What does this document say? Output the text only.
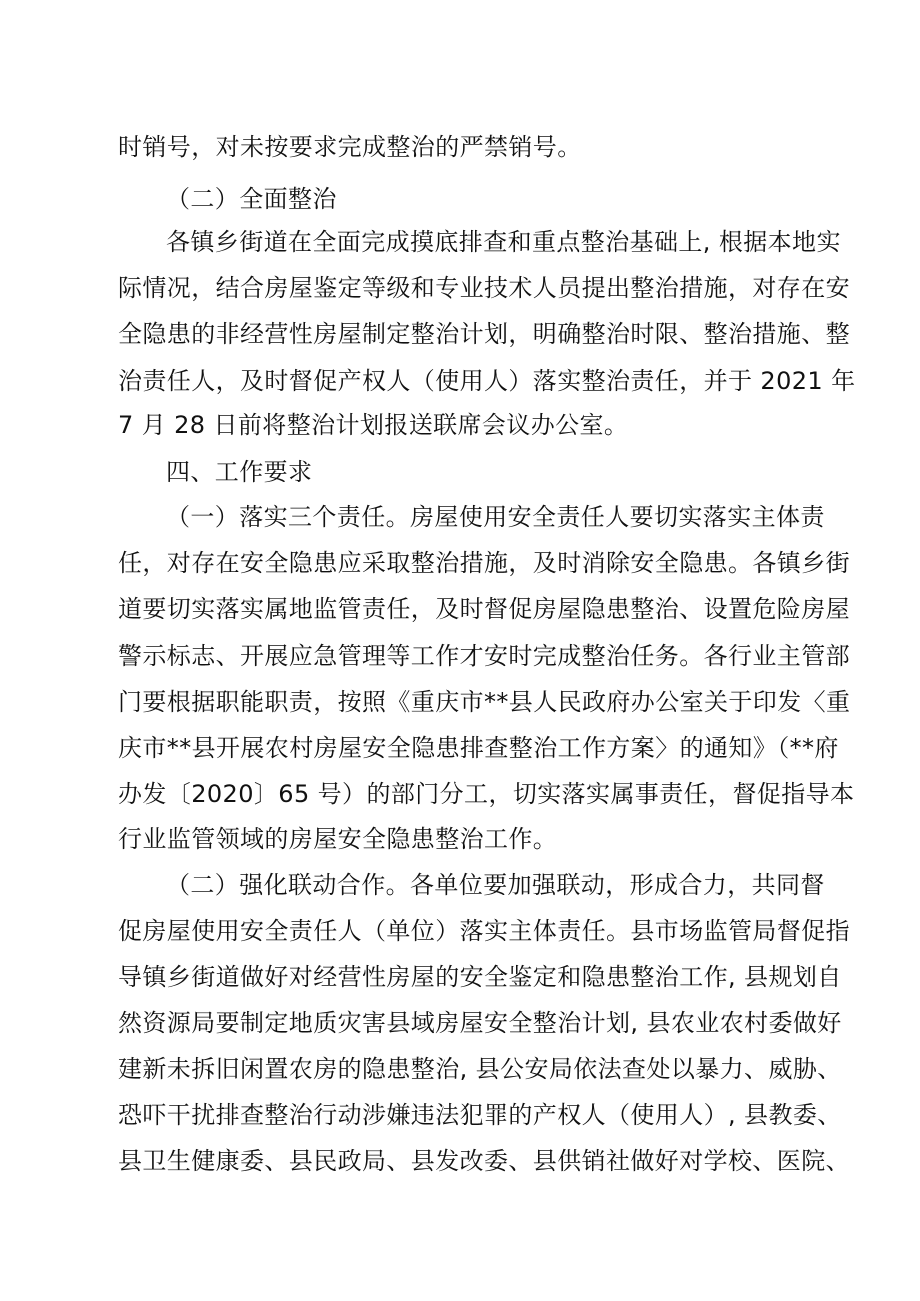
时销号，对未按要求完成整治的严禁销号。
（二）全面整治
各镇乡街道在全面完成摸底排查和重点整治基础上, 根据本地实
际情况，结合房屋鉴定等级和专业技术人员提出整治措施，对存在安
全隐患的非经营性房屋制定整治计划，明确整治时限、整治措施、整
治责任人，及时督促产权人（使用人）落实整治责任，并于 2021 年
7 月 28 日前将整治计划报送联席会议办公室。
四、工作要求
（一）落实三个责任。房屋使用安全责任人要切实落实主体责
任，对存在安全隐患应采取整治措施，及时消除安全隐患。各镇乡街
道要切实落实属地监管责任，及时督促房屋隐患整治、设置危险房屋
警示标志、开展应急管理等工作才安时完成整治任务。各行业主管部
门要根据职能职责，按照《重庆市**县人民政府办公室关于印发〈重
庆市**县开展农村房屋安全隐患排查整治工作方案〉的通知》（**府
办发〔2020〕65 号）的部门分工，切实落实属事责任，督促指导本
行业监管领域的房屋安全隐患整治工作。
（二）强化联动合作。各单位要加强联动，形成合力，共同督
促房屋使用安全责任人（单位）落实主体责任。县市场监管局督促指
导镇乡街道做好对经营性房屋的安全鉴定和隐患整治工作, 县规划自
然资源局要制定地质灾害县域房屋安全整治计划, 县农业农村委做好
建新未拆旧闲置农房的隐患整治, 县公安局依法查处以暴力、威胁、
恐吓干扰排查整治行动涉嫌违法犯罪的产权人（使用人）, 县教委、
县卫生健康委、县民政局、县发改委、县供销社做好对学校、医院、
